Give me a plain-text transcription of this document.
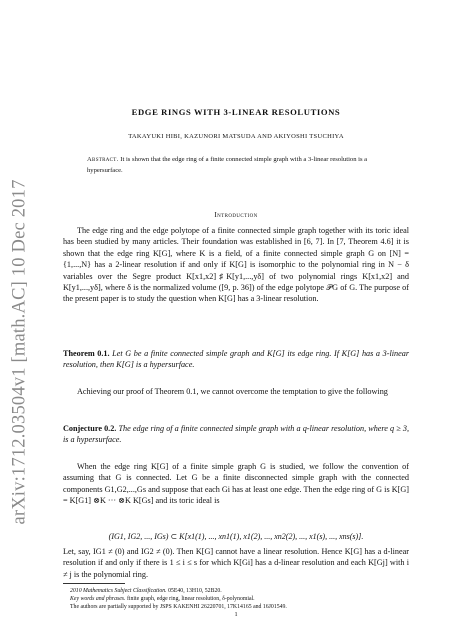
arXiv:1712.03504v1 [math.AC] 10 Dec 2017
EDGE RINGS WITH 3-LINEAR RESOLUTIONS
TAKAYUKI HIBI, KAZUNORI MATSUDA AND AKIYOSHI TSUCHIYA
Abstract. It is shown that the edge ring of a finite connected simple graph with a 3-linear resolution is a hypersurface.
Introduction
The edge ring and the edge polytope of a finite connected simple graph together with its toric ideal has been studied by many articles. Their foundation was established in [6, 7]. In [7, Theorem 4.6] it is shown that the edge ring K[G], where K is a field, of a finite connected simple graph G on [N] = {1,...,N} has a 2-linear resolution if and only if K[G] is isomorphic to the polynomial ring in N − δ variables over the Segre product K[x1,x2]♯K[y1,...,yδ] of two polynomial rings K[x1,x2] and K[y1,...,yδ], where δ is the normalized volume ([9, p. 36]) of the edge polytope 𝒫G of G. The purpose of the present paper is to study the question when K[G] has a 3-linear resolution.
Theorem 0.1. Let G be a finite connected simple graph and K[G] its edge ring. If K[G] has a 3-linear resolution, then K[G] is a hypersurface.
Achieving our proof of Theorem 0.1, we cannot overcome the temptation to give the following
Conjecture 0.2. The edge ring of a finite connected simple graph with a q-linear resolution, where q ≥ 3, is a hypersurface.
When the edge ring K[G] of a finite simple graph G is studied, we follow the convention of assuming that G is connected. Let G be a finite disconnected simple graph with the connected components G1,G2,...,Gs and suppose that each Gi has at least one edge. Then the edge ring of G is K[G] = K[G1] ⊗K ··· ⊗K K[Gs] and its toric ideal is
(IG1, IG2, ..., IGs) ⊂ K[x1(1), ..., xn1(1), x1(2), ..., xn2(2), ..., x1(s), ..., xns(s)].
Let, say, IG1 ≠ (0) and IG2 ≠ (0). Then K[G] cannot have a linear resolution. Hence K[G] has a d-linear resolution if and only if there is 1 ≤ i ≤ s for which K[Gi] has a d-linear resolution and each K[Gj] with i ≠ j is the polynomial ring.
2010 Mathematics Subject Classification. 05E40, 13H10, 52B20.
Key words and phrases. finite graph, edge ring, linear resolution, δ-polynomial.
The authors are partially supported by JSPS KAKENHI 26220701, 17K14165 and 16J01549.
1
